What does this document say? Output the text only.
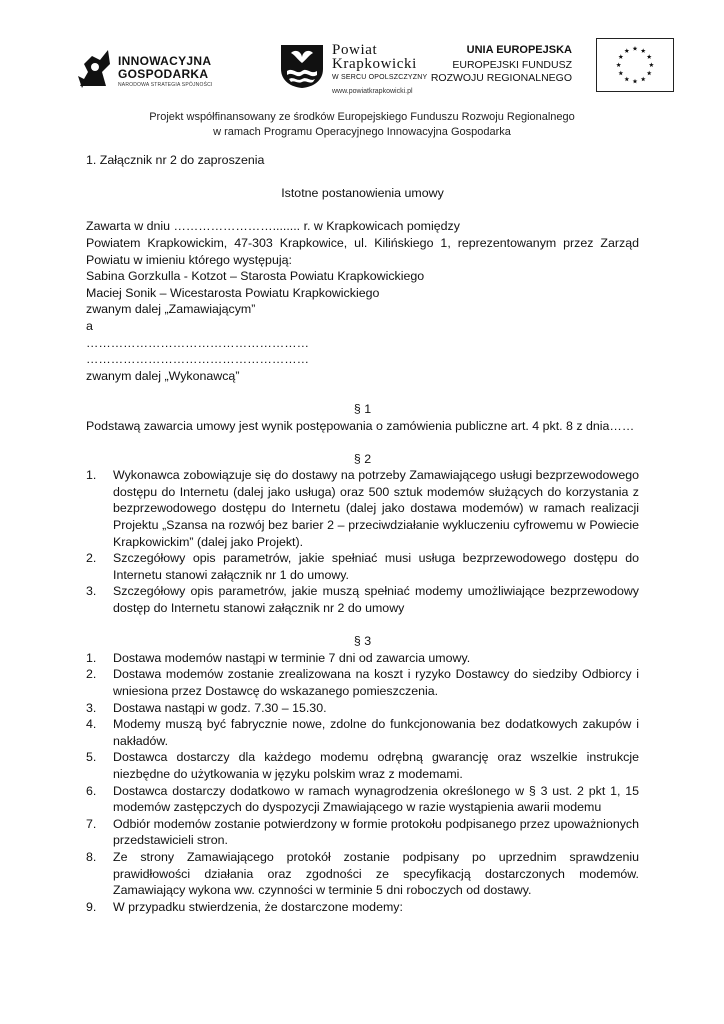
INNOWACYJNA
GOSPODARKA
NARODOWA STRATEGIA SPÓJNOŚCI
Powiat
Krapkowicki
W SERCU OPOLSZCZYZNY
www.powiatkrapkowicki.pl
UNIA EUROPEJSKA
EUROPEJSKI FUNDUSZ
ROZWOJU REGIONALNEGO
Projekt współfinansowany ze środków Europejskiego Funduszu Rozwoju Regionalnego
w ramach Programu Operacyjnego Innowacyjna Gospodarka

1. Załącznik nr 2 do zaproszenia

Istotne postanowienia umowy

Zawarta w dniu ……………………........ r. w Krapkowicach pomiędzy

Powiatem Krapkowickim, 47-303 Krapkowice, ul. Kilińskiego 1, reprezentowanym przez Zarząd Powiatu w imieniu którego występują:

Sabina Gorzkulla - Kotzot – Starosta Powiatu Krapkowickiego

Maciej Sonik – Wicestarosta Powiatu Krapkowickiego

zwanym dalej „Zamawiającym”

a

………………………………………………

………………………………………………

zwanym dalej „Wykonawcą”

§ 1

Podstawą zawarcia umowy jest wynik postępowania o zamówienia publiczne art. 4 pkt. 8 z dnia……

§ 2

1. Wykonawca zobowiązuje się do dostawy na potrzeby Zamawiającego usługi bezprzewodowego dostępu do Internetu (dalej jako usługa) oraz 500 sztuk modemów służących do korzystania z bezprzewodowego dostępu do Internetu (dalej jako dostawa modemów) w ramach realizacji Projektu „Szansa na rozwój bez barier 2 – przeciwdziałanie wykluczeniu cyfrowemu w Powiecie Krapkowickim” (dalej jako Projekt).
2. Szczegółowy opis parametrów, jakie spełniać musi usługa bezprzewodowego dostępu do Internetu stanowi załącznik nr 1 do umowy.
3. Szczegółowy opis parametrów, jakie muszą spełniać modemy umożliwiające bezprzewodowy dostęp do Internetu stanowi załącznik nr 2 do umowy

§ 3

1. Dostawa modemów nastąpi w terminie 7 dni od zawarcia umowy.
2. Dostawa modemów zostanie zrealizowana na koszt i ryzyko Dostawcy do siedziby Odbiorcy i wniesiona przez Dostawcę do wskazanego pomieszczenia.
3. Dostawa nastąpi w godz. 7.30 – 15.30.
4. Modemy muszą być fabrycznie nowe, zdolne do funkcjonowania bez dodatkowych zakupów i nakładów.
5. Dostawca dostarczy dla każdego modemu odrębną gwarancję oraz wszelkie instrukcje niezbędne do użytkowania w języku polskim wraz z modemami.
6. Dostawca dostarczy dodatkowo w ramach wynagrodzenia określonego w § 3 ust. 2 pkt 1, 15 modemów zastępczych do dyspozycji Zmawiającego w razie wystąpienia awarii modemu
7. Odbiór modemów zostanie potwierdzony w formie protokołu podpisanego przez upoważnionych przedstawicieli stron.
8. Ze strony Zamawiającego protokół zostanie podpisany po uprzednim sprawdzeniu prawidłowości działania oraz zgodności ze specyfikacją dostarczonych modemów. Zamawiający wykona ww. czynności w terminie 5 dni roboczych od dostawy.
9. W przypadku stwierdzenia, że dostarczone modemy:
